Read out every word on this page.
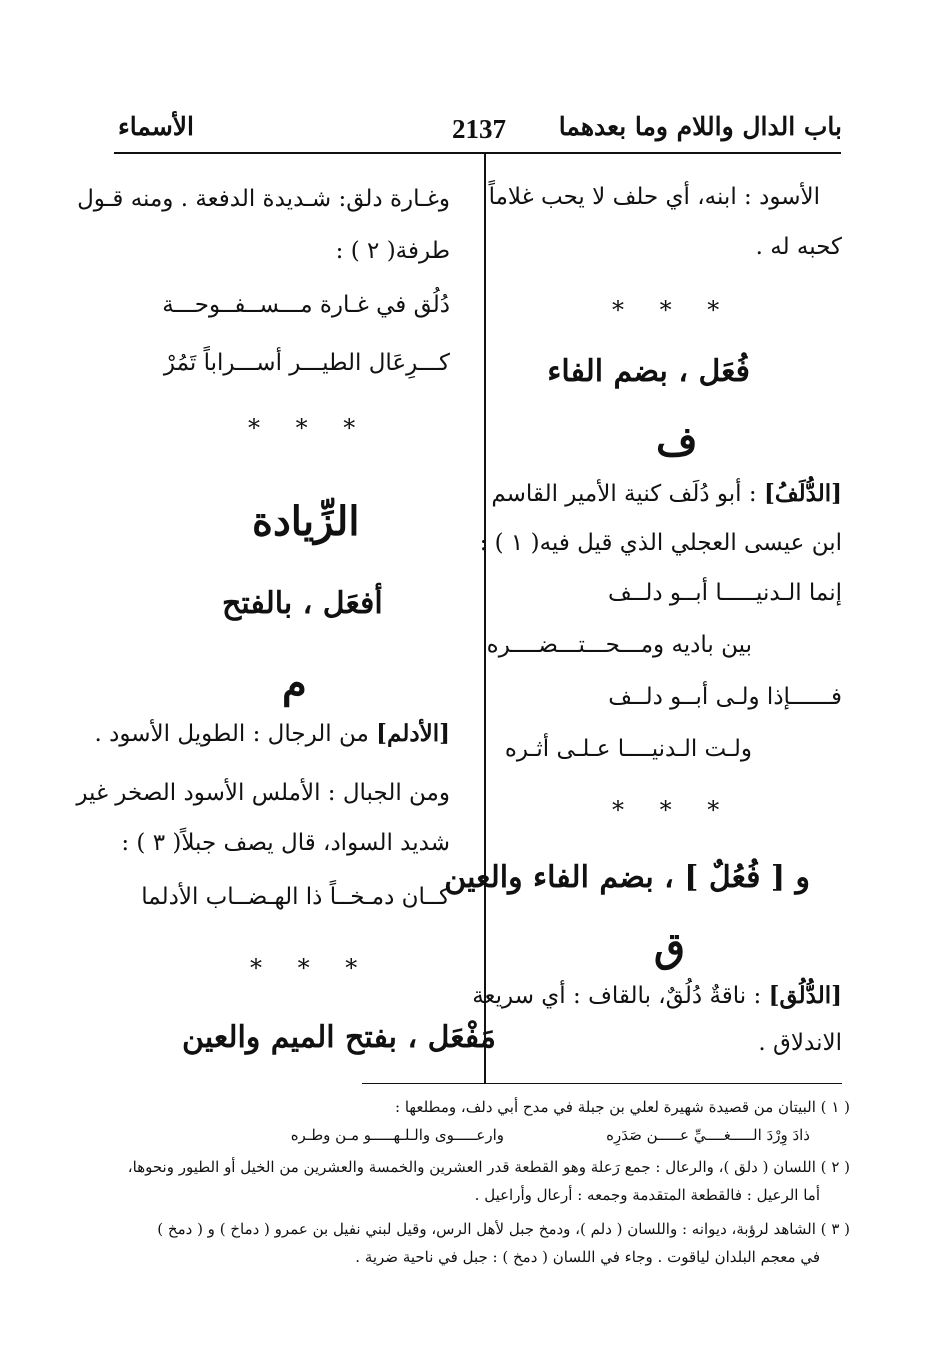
باب الدال واللام وما بعدهما
2137
الأسماء
الأسود : ابنه، أي حلف لا يحب غلاماً
كحبه له .
* * *
فُعَل ، بضم الفاء
ف
[الدُّلَفُ] : أبو دُلَف كنية الأمير القاسم
ابن عيسى العجلي الذي قيل فيه( ١ ) :
إنما الـدنيـــــا أبــو دلــف
بين باديه ومـــحـــتـــضــــره
فــــــإذا ولـى أبــو دلــف
ولـت الـدنيــــا عـلـى أثـره
* * *
و [ فُعُلٌ ] ، بضم الفاء والعين
ق
[الدُّلُق] : ناقةٌ دُلُقٌ، بالقاف : أي سريعة
الاندلاق .
وغـارة دلق: شـديدة الدفعة . ومنه قـول
طرفة( ٢ ) :
دُلُق في غـارة مـــســفــوحـــة
كـــرِعَال الطيـــر أســـراباً تَمُرْ
* * *
الزِّيادة
أفعَل ، بالفتح
م
[الأدلم] من الرجال : الطويل الأسود .
ومن الجبال : الأملس الأسود الصخر غير
شديد السواد، قال يصف جبلاً( ٣ ) :
كــان دمـخــاً ذا الهـضــاب الأدلما
* * *
مَفْعَل ، بفتح الميم والعين
( ١ ) البيتان من قصيدة شهيرة لعلي بن جبلة في مدح أبي دلف، ومطلعها :
ذادَ وِرْدَ الـــــغــــيِّ عـــــن صَدَرِه
وارعـــــوى والـلـهـــــو مـن وطـره
( ٢ ) اللسان ( دلق )، والرعال : جمع رَعلة وهو القطعة قدر العشرين والخمسة والعشرين من الخيل أو الطيور ونحوها،
أما الرعيل : فالقطعة المتقدمة وجمعه : أرعال وأراعيل .
( ٣ ) الشاهد لرؤبة، ديوانه : واللسان ( دلم )، ودمخ جبل لأهل الرس، وقيل لبني نفيل بن عمرو ( دماخ ) و ( دمخ )
في معجم البلدان لياقوت . وجاء في اللسان ( دمخ ) : جبل في ناحية ضرية .
